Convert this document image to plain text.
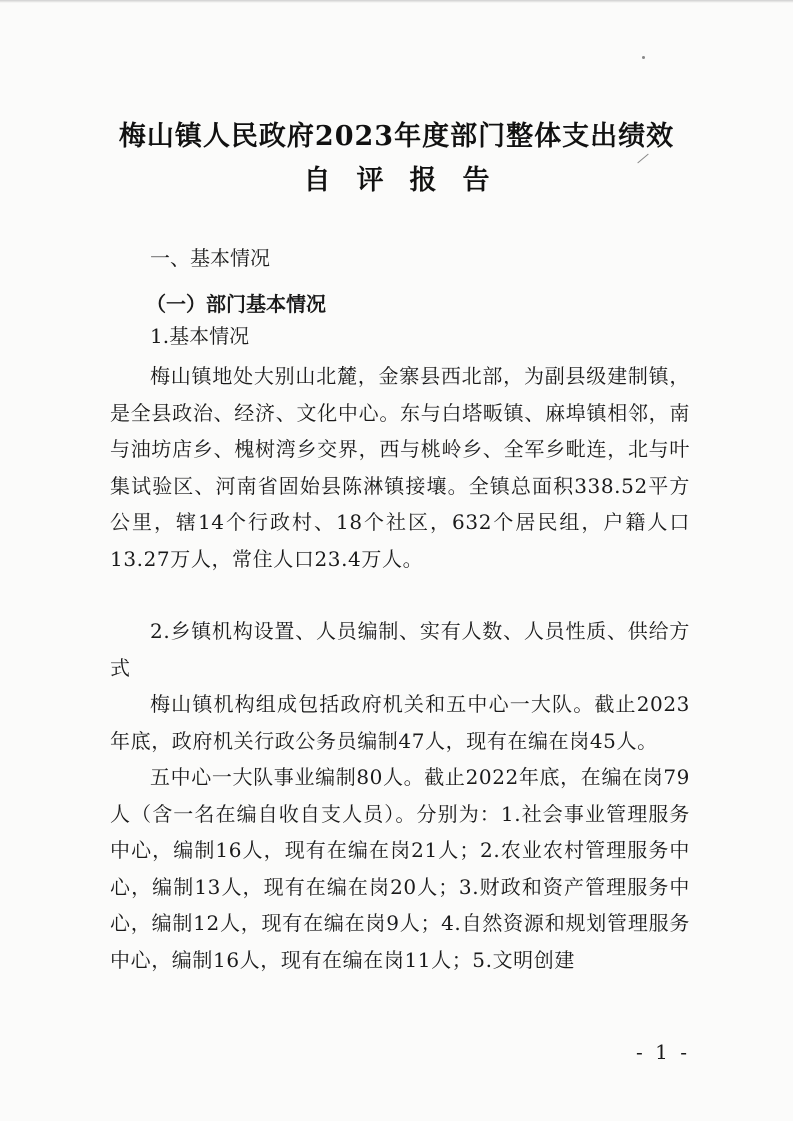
梅山镇人民政府2023年度部门整体支出绩效
自评报告
一、基本情况
（一）部门基本情况
1.基本情况
梅山镇地处大别山北麓，金寨县西北部，为副县级建制镇，是全县政治、经济、文化中心。东与白塔畈镇、麻埠镇相邻，南与油坊店乡、槐树湾乡交界，西与桃岭乡、全军乡毗连，北与叶集试验区、河南省固始县陈淋镇接壤。全镇总面积338.52平方公里，辖14个行政村、18个社区，632个居民组，户籍人口13.27万人，常住人口23.4万人。
2.乡镇机构设置、人员编制、实有人数、人员性质、供给方式
梅山镇机构组成包括政府机关和五中心一大队。截止2023年底，政府机关行政公务员编制47人，现有在编在岗45人。
五中心一大队事业编制80人。截止2022年底，在编在岗79人（含一名在编自收自支人员）。分别为：1.社会事业管理服务中心，编制16人，现有在编在岗21人；2.农业农村管理服务中心，编制13人，现有在编在岗20人；3.财政和资产管理服务中心，编制12人，现有在编在岗9人；4.自然资源和规划管理服务中心，编制16人，现有在编在岗11人；5.文明创建
- 1 -
